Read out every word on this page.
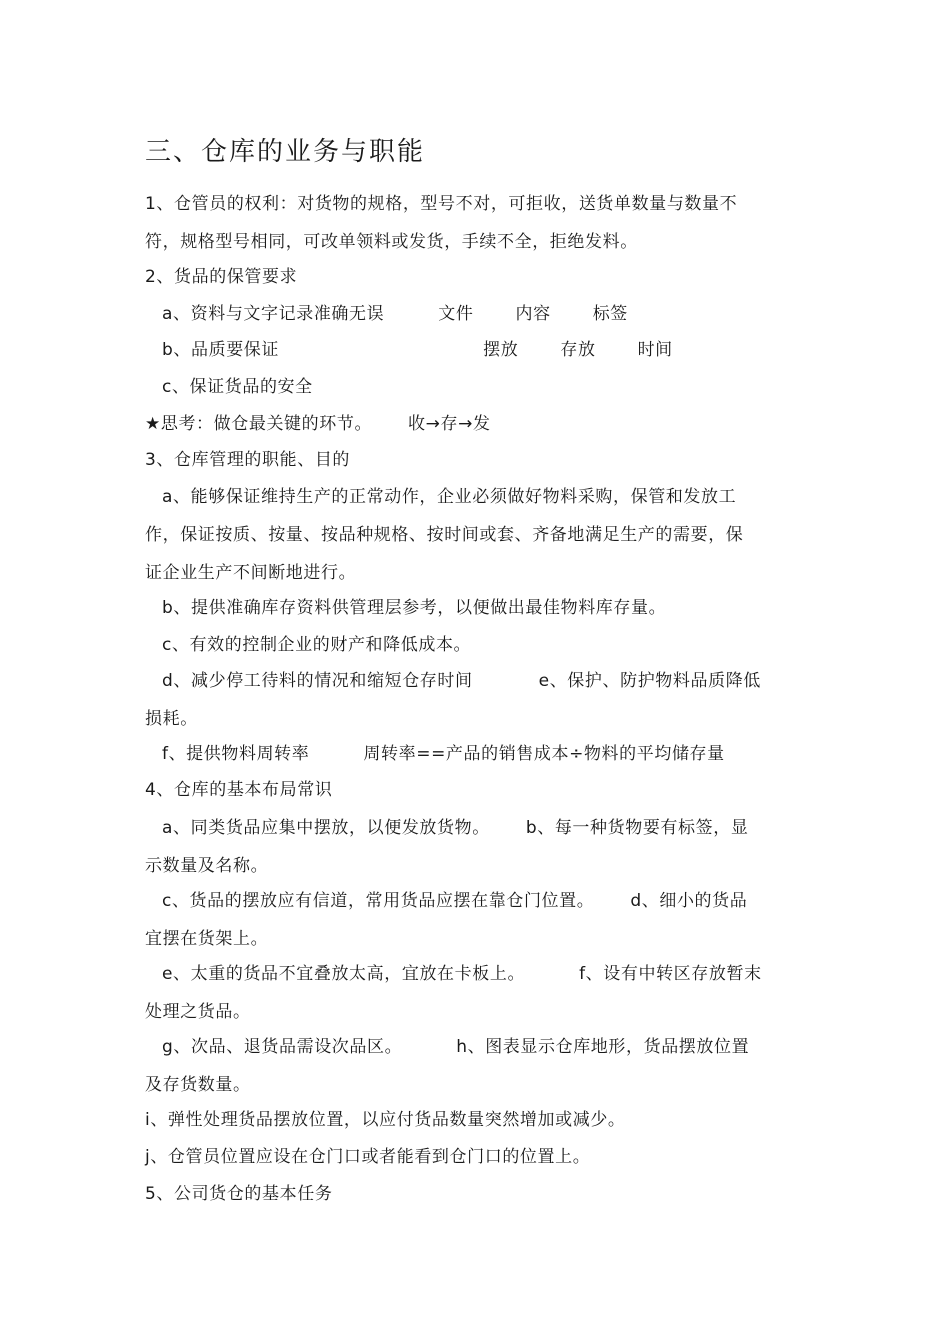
三、仓库的业务与职能
1、仓管员的权利：对货物的规格，型号不对，可拒收，送货单数量与数量不
符，规格型号相同，可改单领料或发货，手续不全，拒绝发料。
2、货品的保管要求
a、资料与文字记录准确无误         文件       内容       标签
b、品质要保证                                  摆放       存放       时间
c、保证货品的安全
★思考：做仓最关键的环节。      收→存→发
3、仓库管理的职能、目的
a、能够保证维持生产的正常动作，企业必须做好物料采购，保管和发放工
作，保证按质、按量、按品种规格、按时间或套、齐备地满足生产的需要，保
证企业生产不间断地进行。
b、提供准确库存资料供管理层参考，以便做出最佳物料库存量。
c、有效的控制企业的财产和降低成本。
d、减少停工待料的情况和缩短仓存时间           e、保护、防护物料品质降低
损耗。
f、提供物料周转率         周转率==产品的销售成本÷物料的平均储存量
4、仓库的基本布局常识
a、同类货品应集中摆放，以便发放货物。      b、每一种货物要有标签，显
示数量及名称。
c、货品的摆放应有信道，常用货品应摆在靠仓门位置。      d、细小的货品
宜摆在货架上。
e、太重的货品不宜叠放太高，宜放在卡板上。         f、设有中转区存放暂末
处理之货品。
g、次品、退货品需设次品区。         h、图表显示仓库地形，货品摆放位置
及存货数量。
i、弹性处理货品摆放位置，以应付货品数量突然增加或减少。
j、仓管员位置应设在仓门口或者能看到仓门口的位置上。
5、公司货仓的基本任务
